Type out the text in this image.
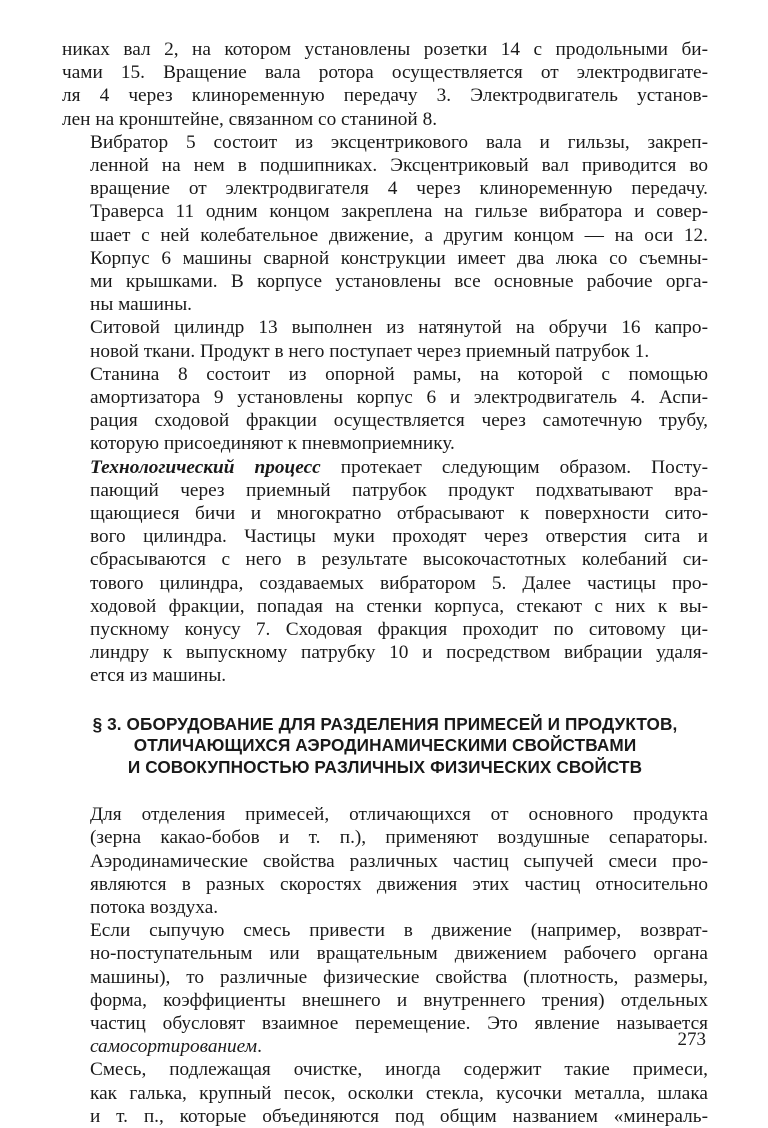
никах вал 2, на котором установлены розетки 14 с продольными би-
чами 15. Вращение вала ротора осуществляется от электродвигате-
ля 4 через клиноременную передачу 3. Электродвигатель установ-
лен на кронштейне, связанном со станиной 8.

Вибратор 5 состоит из эксцентрикового вала и гильзы, закреп-
ленной на нем в подшипниках. Эксцентриковый вал приводится во
вращение от электродвигателя 4 через клиноременную передачу.
Траверса 11 одним концом закреплена на гильзе вибратора и совер-
шает с ней колебательное движение, а другим концом — на оси 12.
Корпус 6 машины сварной конструкции имеет два люка со съемны-
ми крышками. В корпусе установлены все основные рабочие орга-
ны машины.

Ситовой цилиндр 13 выполнен из натянутой на обручи 16 капро-
новой ткани. Продукт в него поступает через приемный патрубок 1.

Станина 8 состоит из опорной рамы, на которой с помощью
амортизатора 9 установлены корпус 6 и электродвигатель 4. Аспи-
рация сходовой фракции осуществляется через самотечную трубу,
которую присоединяют к пневмоприемнику.

Технологический процесс протекает следующим образом. Посту-
пающий через приемный патрубок продукт подхватывают вра-
щающиеся бичи и многократно отбрасывают к поверхности сито-
вого цилиндра. Частицы муки проходят через отверстия сита и
сбрасываются с него в результате высокочастотных колебаний си-
тового цилиндра, создаваемых вибратором 5. Далее частицы про-
ходовой фракции, попадая на стенки корпуса, стекают с них к вы-
пускному конусу 7. Сходовая фракция проходит по ситовому ци-
линдру к выпускному патрубку 10 и посредством вибрации удаля-
ется из машины.

§ 3. ОБОРУДОВАНИЕ ДЛЯ РАЗДЕЛЕНИЯ ПРИМЕСЕЙ И ПРОДУКТОВ,
ОТЛИЧАЮЩИХСЯ АЭРОДИНАМИЧЕСКИМИ СВОЙСТВАМИ
И СОВОКУПНОСТЬЮ РАЗЛИЧНЫХ ФИЗИЧЕСКИХ СВОЙСТВ

Для отделения примесей, отличающихся от основного продукта
(зерна какао-бобов и т. п.), применяют воздушные сепараторы.
Аэродинамические свойства различных частиц сыпучей смеси про-
являются в разных скоростях движения этих частиц относительно
потока воздуха.

Если сыпучую смесь привести в движение (например, возврат-
но-поступательным или вращательным движением рабочего органа
машины), то различные физические свойства (плотность, размеры,
форма, коэффициенты внешнего и внутреннего трения) отдельных
частиц обусловят взаимное перемещение. Это явление называется
самосортированием.

Смесь, подлежащая очистке, иногда содержит такие примеси,
как галька, крупный песок, осколки стекла, кусочки металла, шлака
и т. п., которые объединяются под общим названием «минераль-

273
